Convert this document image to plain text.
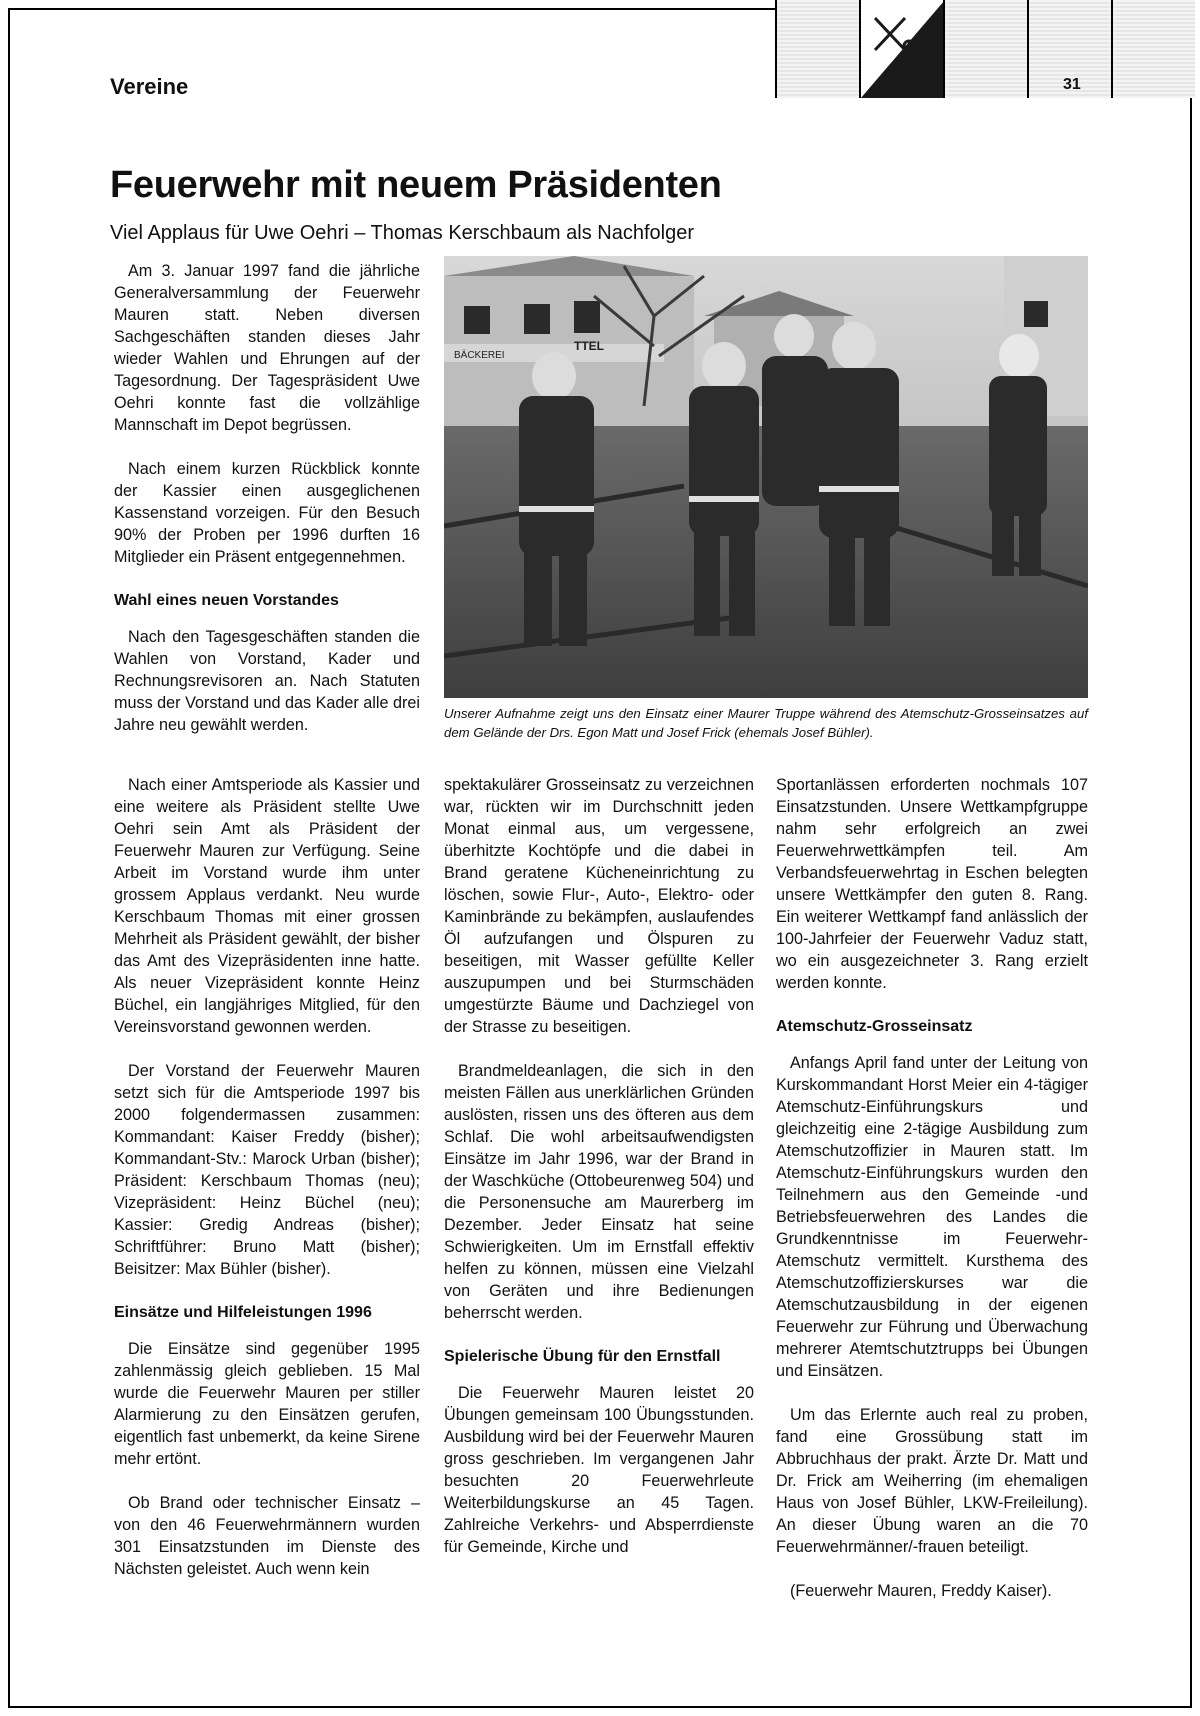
Vereine	31
Feuerwehr mit neuem Präsidenten
Viel Applaus für Uwe Oehri – Thomas Kerschbaum als Nachfolger

Am 3. Januar 1997 fand die jährliche Generalversammlung der Feuerwehr Mauren statt. Neben diversen Sachgeschäften standen dieses Jahr wieder Wahlen und Ehrungen auf der Tagesordnung. Der Tagespräsident Uwe Oehri konnte fast die vollzählige Mannschaft im Depot begrüssen.

Nach einem kurzen Rückblick konnte der Kassier einen ausgeglichenen Kassenstand vorzeigen. Für den Besuch 90% der Proben per 1996 durften 16 Mitglieder ein Präsent entgegennehmen.

Wahl eines neuen Vorstandes

Nach den Tagesgeschäften standen die Wahlen von Vorstand, Kader und Rechnungsrevisoren an. Nach Statuten muss der Vorstand und das Kader alle drei Jahre neu gewählt werden.

BÄCKEREI
TTEL
Unserer Aufnahme zeigt uns den Einsatz einer Maurer Truppe während des Atemschutz-Grosseinsatzes auf dem Gelände der Drs. Egon Matt und Josef Frick (ehemals Josef Bühler).

Nach einer Amtsperiode als Kassier und eine weitere als Präsident stellte Uwe Oehri sein Amt als Präsident der Feuerwehr Mauren zur Verfügung. Seine Arbeit im Vorstand wurde ihm unter grossem Applaus verdankt. Neu wurde Kerschbaum Thomas mit einer grossen Mehrheit als Präsident gewählt, der bisher das Amt des Vizepräsidenten inne hatte. Als neuer Vizepräsident konnte Heinz Büchel, ein langjähriges Mitglied, für den Vereinsvorstand gewonnen werden.

Der Vorstand der Feuerwehr Mauren setzt sich für die Amtsperiode 1997 bis 2000 folgendermassen zusammen: Kommandant: Kaiser Freddy (bisher); Kommandant-Stv.: Marock Urban (bisher); Präsident: Kerschbaum Thomas (neu); Vizepräsident: Heinz Büchel (neu); Kassier: Gredig Andreas (bisher); Schriftführer: Bruno Matt (bisher); Beisitzer: Max Bühler (bisher).

Einsätze und Hilfeleistungen 1996

Die Einsätze sind gegenüber 1995 zahlenmässig gleich geblieben. 15 Mal wurde die Feuerwehr Mauren per stiller Alarmierung zu den Einsätzen gerufen, eigentlich fast unbemerkt, da keine Sirene mehr ertönt.

Ob Brand oder technischer Einsatz – von den 46 Feuerwehrmännern wurden 301 Einsatzstunden im Dienste des Nächsten geleistet. Auch wenn kein

spektakulärer Grosseinsatz zu verzeichnen war, rückten wir im Durchschnitt jeden Monat einmal aus, um vergessene, überhitzte Kochtöpfe und die dabei in Brand geratene Kücheneinrichtung zu löschen, sowie Flur-, Auto-, Elektro- oder Kaminbrände zu bekämpfen, auslaufendes Öl aufzufangen und Ölspuren zu beseitigen, mit Wasser gefüllte Keller auszupumpen und bei Sturmschäden umgestürzte Bäume und Dachziegel von der Strasse zu beseitigen.

Brandmeldeanlagen, die sich in den meisten Fällen aus unerklärlichen Gründen auslösten, rissen uns des öfteren aus dem Schlaf. Die wohl arbeitsaufwendigsten Einsätze im Jahr 1996, war der Brand in der Waschküche (Ottobeurenweg 504) und die Personensuche am Maurerberg im Dezember. Jeder Einsatz hat seine Schwierigkeiten. Um im Ernstfall effektiv helfen zu können, müssen eine Vielzahl von Geräten und ihre Bedienungen beherrscht werden.

Spielerische Übung für den Ernstfall

Die Feuerwehr Mauren leistet 20 Übungen gemeinsam 100 Übungsstunden. Ausbildung wird bei der Feuerwehr Mauren gross geschrieben. Im vergangenen Jahr besuchten 20 Feuerwehrleute Weiterbildungskurse an 45 Tagen. Zahlreiche Verkehrs- und Absperrdienste für Gemeinde, Kirche und

Sportanlässen erforderten nochmals 107 Einsatzstunden. Unsere Wettkampfgruppe nahm sehr erfolgreich an zwei Feuerwehrwettkämpfen teil. Am Verbandsfeuerwehrtag in Eschen belegten unsere Wettkämpfer den guten 8. Rang. Ein weiterer Wettkampf fand anlässlich der 100-Jahrfeier der Feuerwehr Vaduz statt, wo ein ausgezeichneter 3. Rang erzielt werden konnte.

Atemschutz-Grosseinsatz

Anfangs April fand unter der Leitung von Kurskommandant Horst Meier ein 4-tägiger Atemschutz-Einführungskurs und gleichzeitig eine 2-tägige Ausbildung zum Atemschutzoffizier in Mauren statt. Im Atemschutz-Einführungskurs wurden den Teilnehmern aus den Gemeinde -und Betriebsfeuerwehren des Landes die Grundkenntnisse im Feuerwehr-Atemschutz vermittelt. Kursthema des Atemschutzoffizierskurses war die Atemschutzausbildung in der eigenen Feuerwehr zur Führung und Überwachung mehrerer Atemtschutztrupps bei Übungen und Einsätzen.

Um das Erlernte auch real zu proben, fand eine Grossübung statt im Abbruchhaus der prakt. Ärzte Dr. Matt und Dr. Frick am Weiherring (im ehemaligen Haus von Josef Bühler, LKW-Freileilung). An dieser Übung waren an die 70 Feuerwehrmänner/-frauen beteiligt.

(Feuerwehr Mauren, Freddy Kaiser).
